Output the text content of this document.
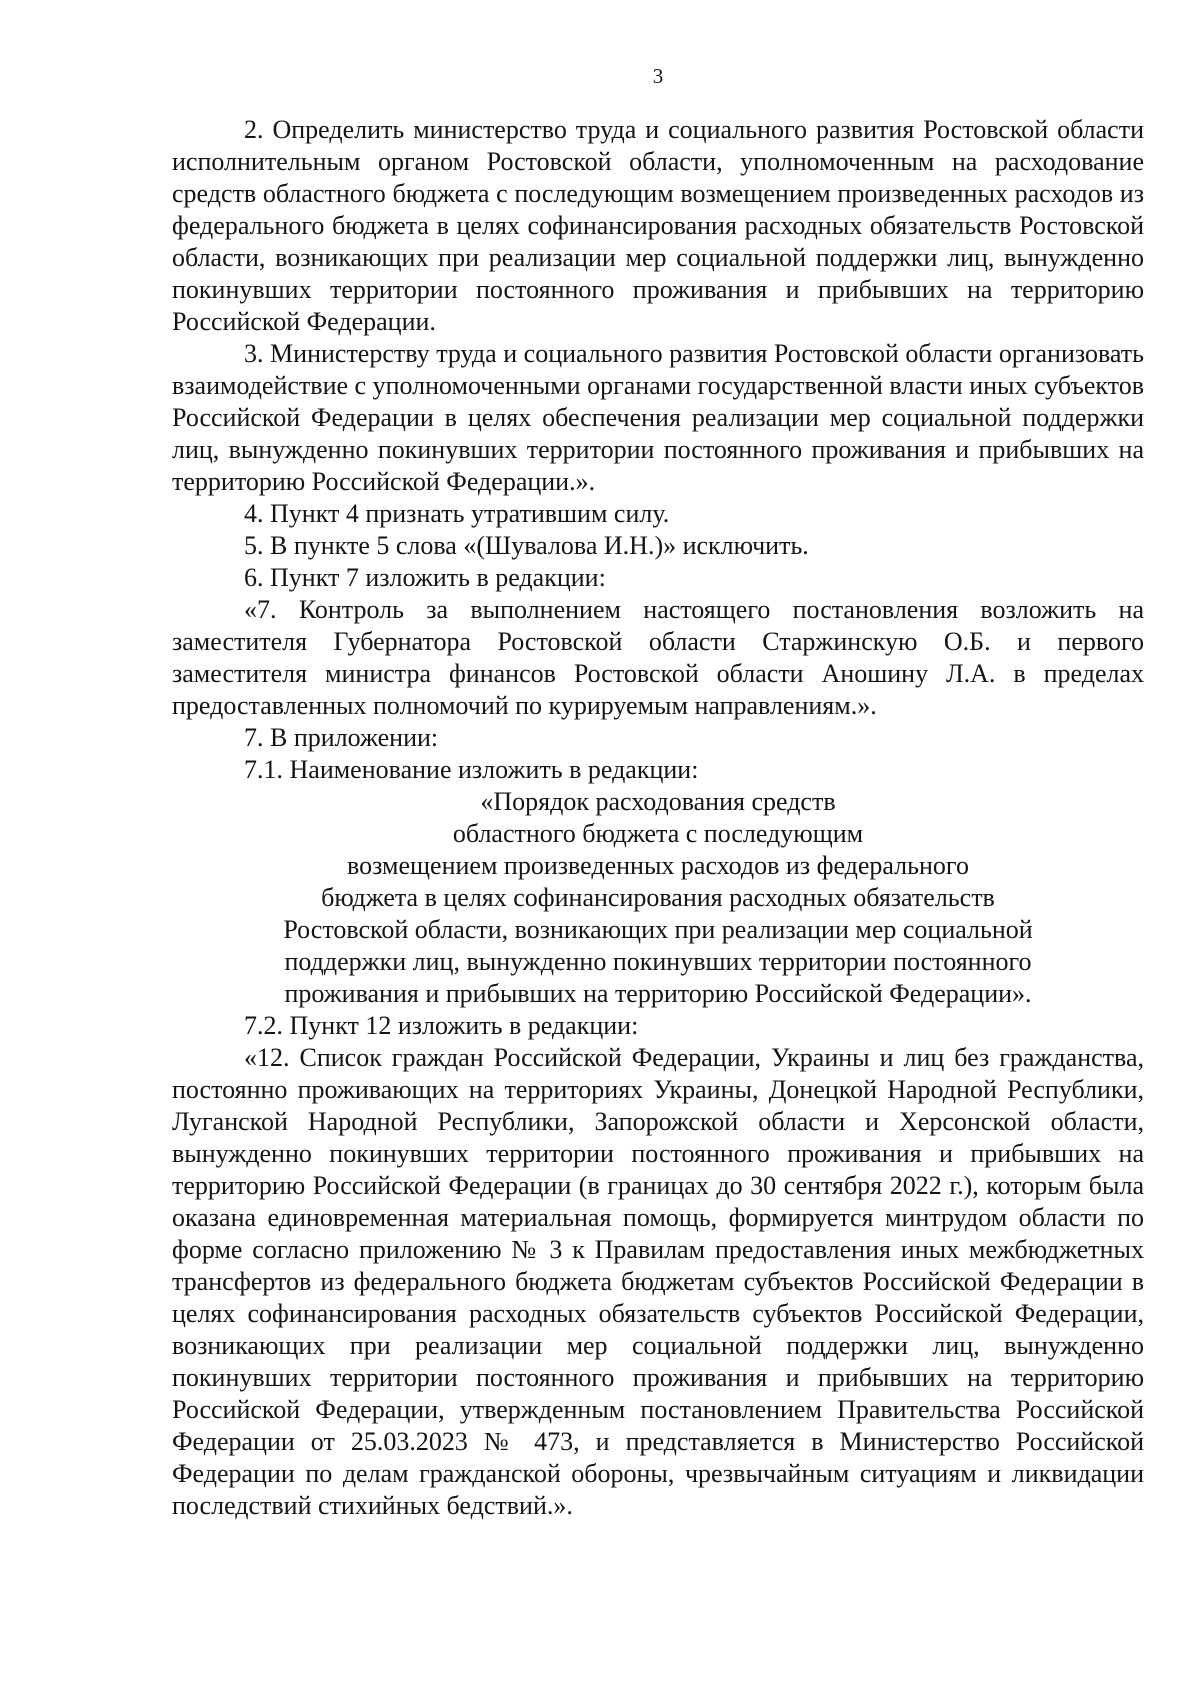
3

2. Определить министерство труда и социального развития Ростовской области исполнительным органом Ростовской области, уполномоченным на расходование средств областного бюджета с последующим возмещением произведенных расходов из федерального бюджета в целях софинансирования расходных обязательств Ростовской области, возникающих при реализации мер социальной поддержки лиц, вынужденно покинувших территории постоянного проживания и прибывших на территорию Российской Федерации.

3. Министерству труда и социального развития Ростовской области организовать взаимодействие с уполномоченными органами государственной власти иных субъектов Российской Федерации в целях обеспечения реализации мер социальной поддержки лиц, вынужденно покинувших территории постоянного проживания и прибывших на территорию Российской Федерации.».

4. Пункт 4 признать утратившим силу.

5. В пункте 5 слова «(Шувалова И.Н.)» исключить.

6. Пункт 7 изложить в редакции:

«7. Контроль за выполнением настоящего постановления возложить на заместителя Губернатора Ростовской области Старжинскую О.Б. и первого заместителя министра финансов Ростовской области Аношину Л.А. в пределах предоставленных полномочий по курируемым направлениям.».

7. В приложении:

7.1. Наименование изложить в редакции:

«Порядок расходования средств

областного бюджета с последующим

возмещением произведенных расходов из федерального

бюджета в целях софинансирования расходных обязательств

Ростовской области, возникающих при реализации мер социальной

поддержки лиц, вынужденно покинувших территории постоянного

проживания и прибывших на территорию Российской Федерации».

7.2. Пункт 12 изложить в редакции:

«12. Список граждан Российской Федерации, Украины и лиц без гражданства, постоянно проживающих на территориях Украины, Донецкой Народной Республики, Луганской Народной Республики, Запорожской области и Херсонской области, вынужденно покинувших территории постоянного проживания и прибывших на территорию Российской Федерации (в границах до 30 сентября 2022 г.), которым была оказана единовременная материальная помощь, формируется минтрудом области по форме согласно приложению № 3 к Правилам предоставления иных межбюджетных трансфертов из федерального бюджета бюджетам субъектов Российской Федерации в целях софинансирования расходных обязательств субъектов Российской Федерации, возникающих при реализации мер социальной поддержки лиц, вынужденно покинувших территории постоянного проживания и прибывших на территорию Российской Федерации, утвержденным постановлением Правительства Российской Федерации от 25.03.2023 № 473, и представляется в Министерство Российской Федерации по делам гражданской обороны, чрезвычайным ситуациям и ликвидации последствий стихийных бедствий.».
